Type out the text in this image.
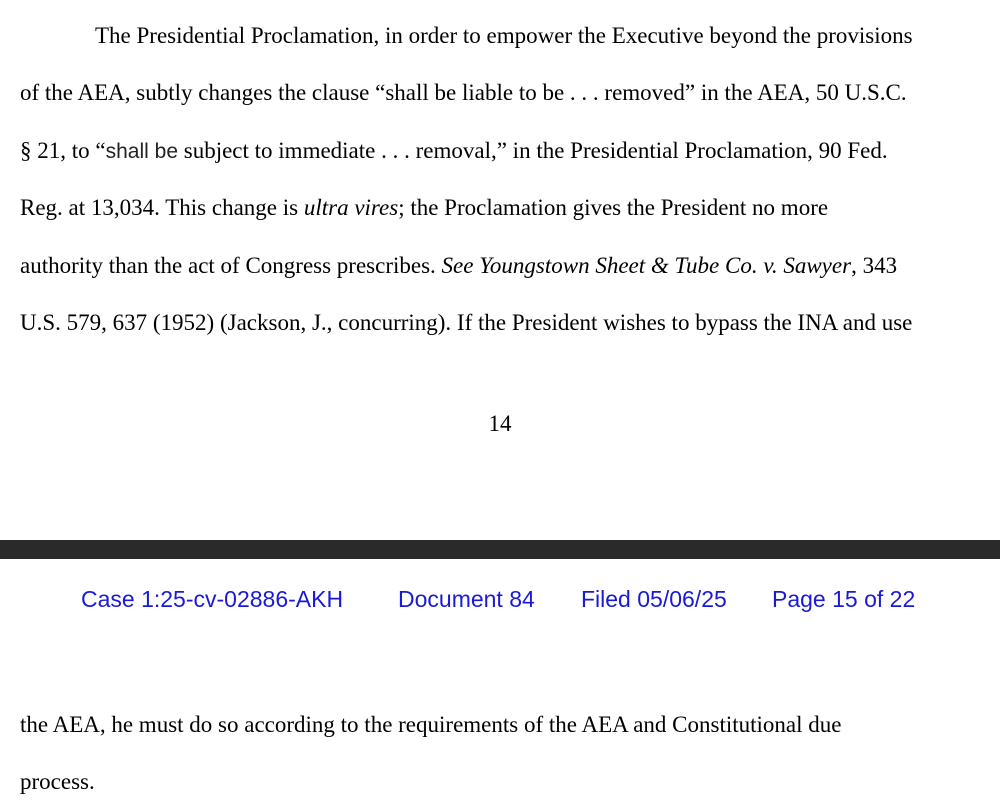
The Presidential Proclamation, in order to empower the Executive beyond the provisions
of the AEA, subtly changes the clause “shall be liable to be . . . removed” in the AEA, 50 U.S.C.
§ 21, to “shall be subject to immediate . . . removal,” in the Presidential Proclamation, 90 Fed.
Reg. at 13,034. This change is ultra vires; the Proclamation gives the President no more
authority than the act of Congress prescribes. See Youngstown Sheet & Tube Co. v. Sawyer, 343
U.S. 579, 637 (1952) (Jackson, J., concurring). If the President wishes to bypass the INA and use
14
Case 1:25-cv-02886-AKH Document 84 Filed 05/06/25 Page 15 of 22
the AEA, he must do so according to the requirements of the AEA and Constitutional due
process.
